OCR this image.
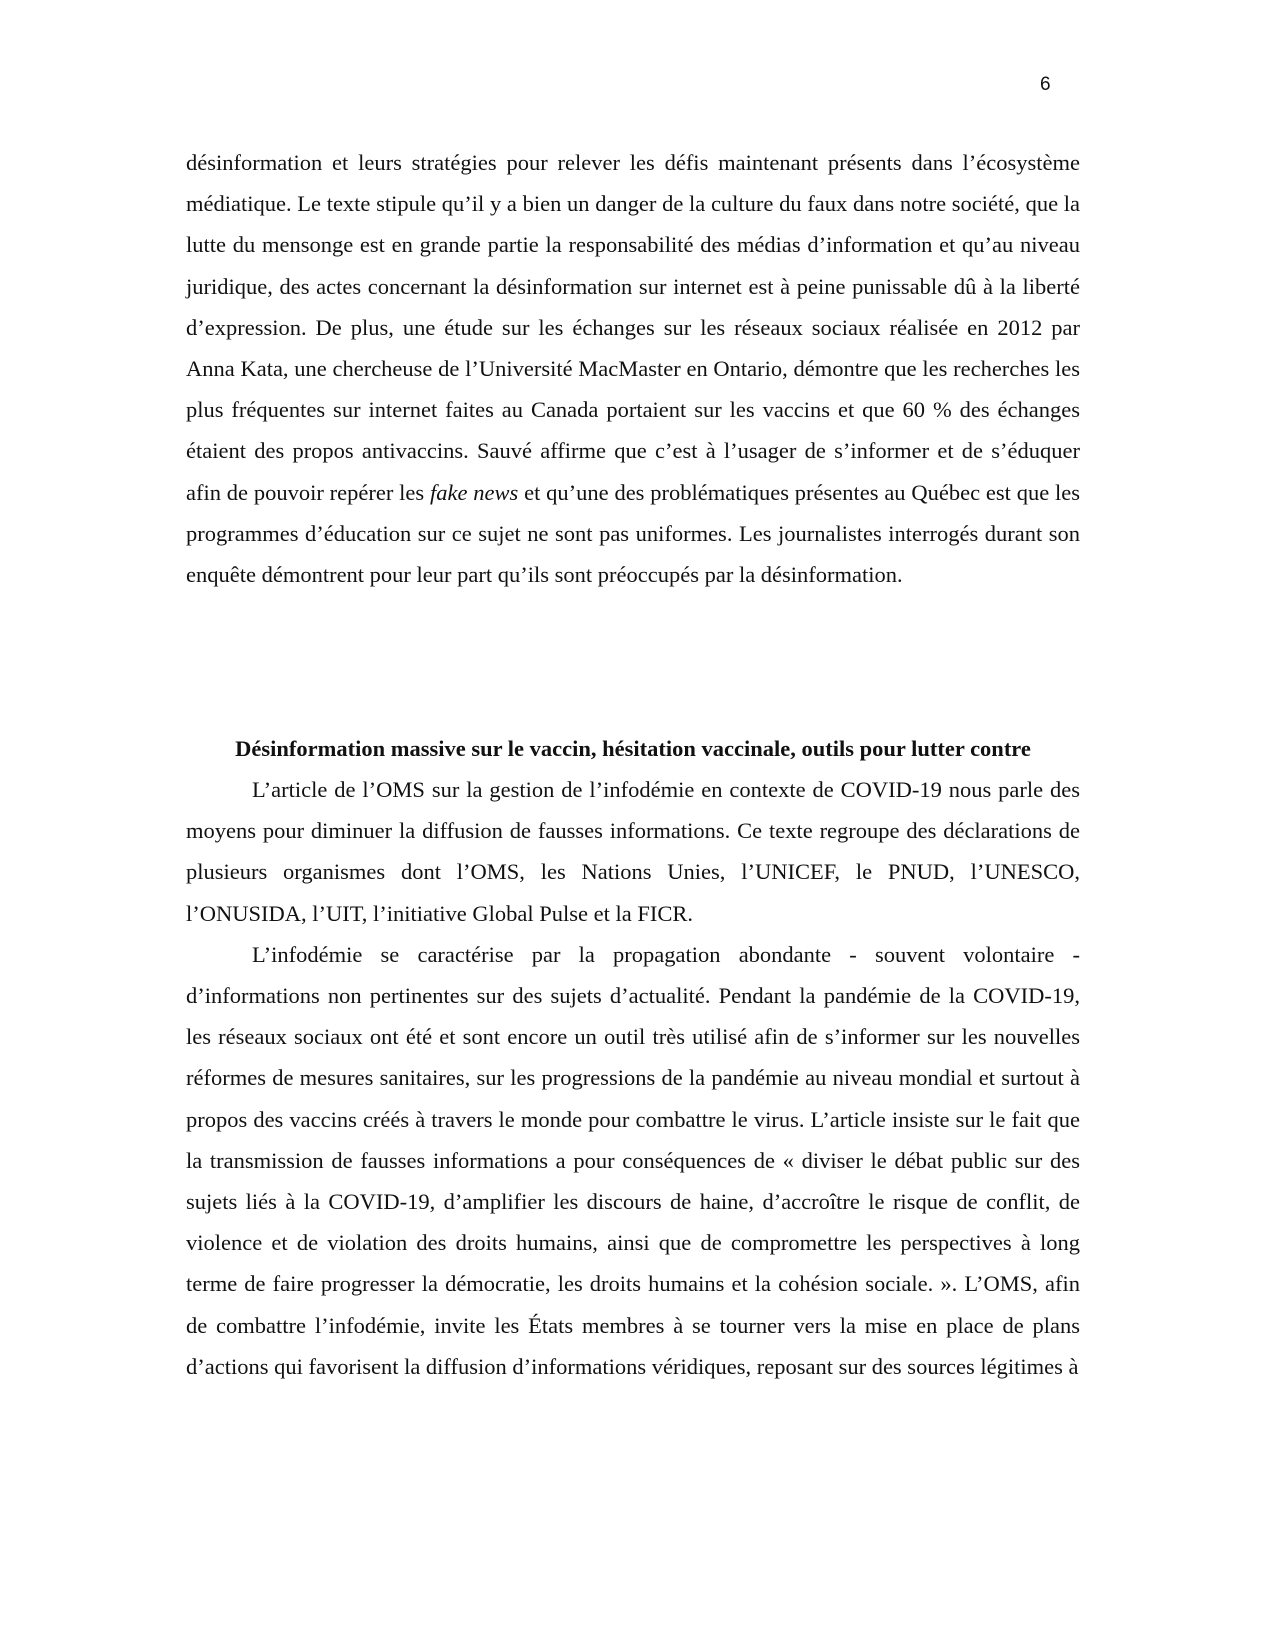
6

désinformation et leurs stratégies pour relever les défis maintenant présents dans l’écosystème médiatique. Le texte stipule qu’il y a bien un danger de la culture du faux dans notre société, que la lutte du mensonge est en grande partie la responsabilité des médias d’information et qu’au niveau juridique, des actes concernant la désinformation sur internet est à peine punissable dû à la liberté d’expression. De plus, une étude sur les échanges sur les réseaux sociaux réalisée en 2012 par Anna Kata, une chercheuse de l’Université MacMaster en Ontario, démontre que les recherches les plus fréquentes sur internet faites au Canada portaient sur les vaccins et que 60 % des échanges étaient des propos antivaccins. Sauvé affirme que c’est à l’usager de s’informer et de s’éduquer afin de pouvoir repérer les fake news et qu’une des problématiques présentes au Québec est que les programmes d’éducation sur ce sujet ne sont pas uniformes. Les journalistes interrogés durant son enquête démontrent pour leur part qu’ils sont préoccupés par la désinformation.

Désinformation massive sur le vaccin, hésitation vaccinale, outils pour lutter contre

L’article de l’OMS sur la gestion de l’infodémie en contexte de COVID-19 nous parle des moyens pour diminuer la diffusion de fausses informations. Ce texte regroupe des déclarations de plusieurs organismes dont l’OMS, les Nations Unies, l’UNICEF, le PNUD, l’UNESCO, l’ONUSIDA, l’UIT, l’initiative Global Pulse et la FICR.

L’infodémie se caractérise par la propagation abondante - souvent volontaire - d’informations non pertinentes sur des sujets d’actualité. Pendant la pandémie de la COVID-19, les réseaux sociaux ont été et sont encore un outil très utilisé afin de s’informer sur les nouvelles réformes de mesures sanitaires, sur les progressions de la pandémie au niveau mondial et surtout à propos des vaccins créés à travers le monde pour combattre le virus. L’article insiste sur le fait que la transmission de fausses informations a pour conséquences de « diviser le débat public sur des sujets liés à la COVID-19, d’amplifier les discours de haine, d’accroître le risque de conflit, de violence et de violation des droits humains, ainsi que de compromettre les perspectives à long terme de faire progresser la démocratie, les droits humains et la cohésion sociale. ». L’OMS, afin de combattre l’infodémie, invite les États membres à se tourner vers la mise en place de plans d’actions qui favorisent la diffusion d’informations véridiques, reposant sur des sources légitimes à
